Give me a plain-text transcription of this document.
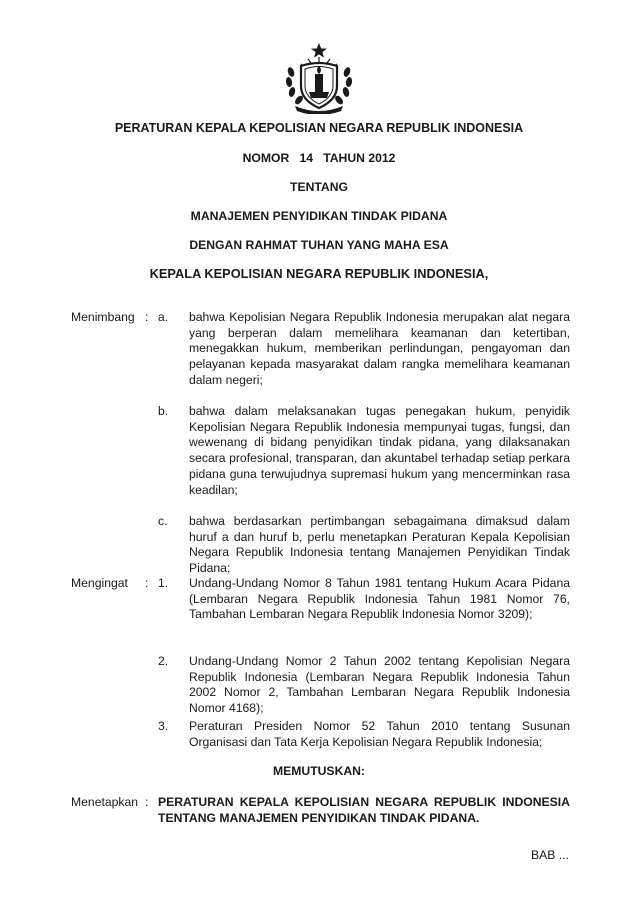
PERATURAN KEPALA KEPOLISIAN NEGARA REPUBLIK INDONESIA
NOMOR 14 TAHUN 2012
TENTANG
MANAJEMEN PENYIDIKAN TINDAK PIDANA
DENGAN RAHMAT TUHAN YANG MAHA ESA
KEPALA KEPOLISIAN NEGARA REPUBLIK INDONESIA,
Menimbang : a. bahwa Kepolisian Negara Republik Indonesia merupakan alat negara yang berperan dalam memelihara keamanan dan ketertiban, menegakkan hukum, memberikan perlindungan, pengayoman dan pelayanan kepada masyarakat dalam rangka memelihara keamanan dalam negeri;
b. bahwa dalam melaksanakan tugas penegakan hukum, penyidik Kepolisian Negara Republik Indonesia mempunyai tugas, fungsi, dan wewenang di bidang penyidikan tindak pidana, yang dilaksanakan secara profesional, transparan, dan akuntabel terhadap setiap perkara pidana guna terwujudnya supremasi hukum yang mencerminkan rasa keadilan;
c. bahwa berdasarkan pertimbangan sebagaimana dimaksud dalam huruf a dan huruf b, perlu menetapkan Peraturan Kepala Kepolisian Negara Republik Indonesia tentang Manajemen Penyidikan Tindak Pidana;
Mengingat : 1. Undang-Undang Nomor 8 Tahun 1981 tentang Hukum Acara Pidana (Lembaran Negara Republik Indonesia Tahun 1981 Nomor 76, Tambahan Lembaran Negara Republik Indonesia Nomor 3209);
2. Undang-Undang Nomor 2 Tahun 2002 tentang Kepolisian Negara Republik Indonesia (Lembaran Negara Republik Indonesia Tahun 2002 Nomor 2, Tambahan Lembaran Negara Republik Indonesia Nomor 4168);
3. Peraturan Presiden Nomor 52 Tahun 2010 tentang Susunan Organisasi dan Tata Kerja Kepolisian Negara Republik Indonesia;
MEMUTUSKAN:
Menetapkan : PERATURAN KEPALA KEPOLISIAN NEGARA REPUBLIK INDONESIA TENTANG MANAJEMEN PENYIDIKAN TINDAK PIDANA.
BAB ...
